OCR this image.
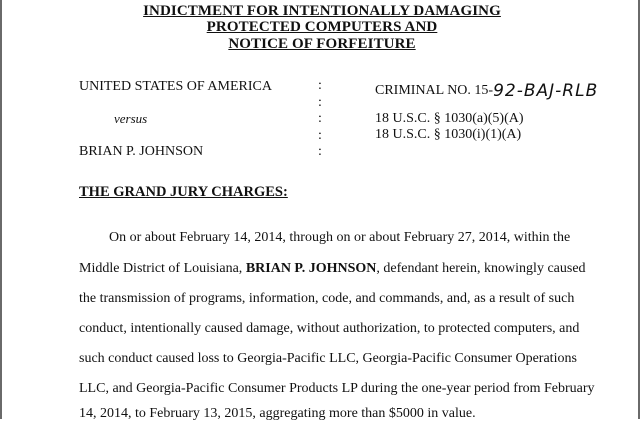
INDICTMENT FOR INTENTIONALLY DAMAGING
PROTECTED COMPUTERS AND
NOTICE OF FORFEITURE
UNITED STATES OF AMERICA
versus
BRIAN P. JOHNSON
:
:
:
:
:
CRIMINAL NO. 15-92-BAJ-RLB
18 U.S.C. § 1030(a)(5)(A)
18 U.S.C. § 1030(i)(1)(A)
THE GRAND JURY CHARGES:
On or about February 14, 2014, through on or about February 27, 2014, within the
Middle District of Louisiana, BRIAN P. JOHNSON, defendant herein, knowingly caused
the transmission of programs, information, code, and commands, and, as a result of such
conduct, intentionally caused damage, without authorization, to protected computers, and
such conduct caused loss to Georgia-Pacific LLC, Georgia-Pacific Consumer Operations
LLC, and Georgia-Pacific Consumer Products LP during the one-year period from February
14, 2014, to February 13, 2015, aggregating more than $5000 in value.
